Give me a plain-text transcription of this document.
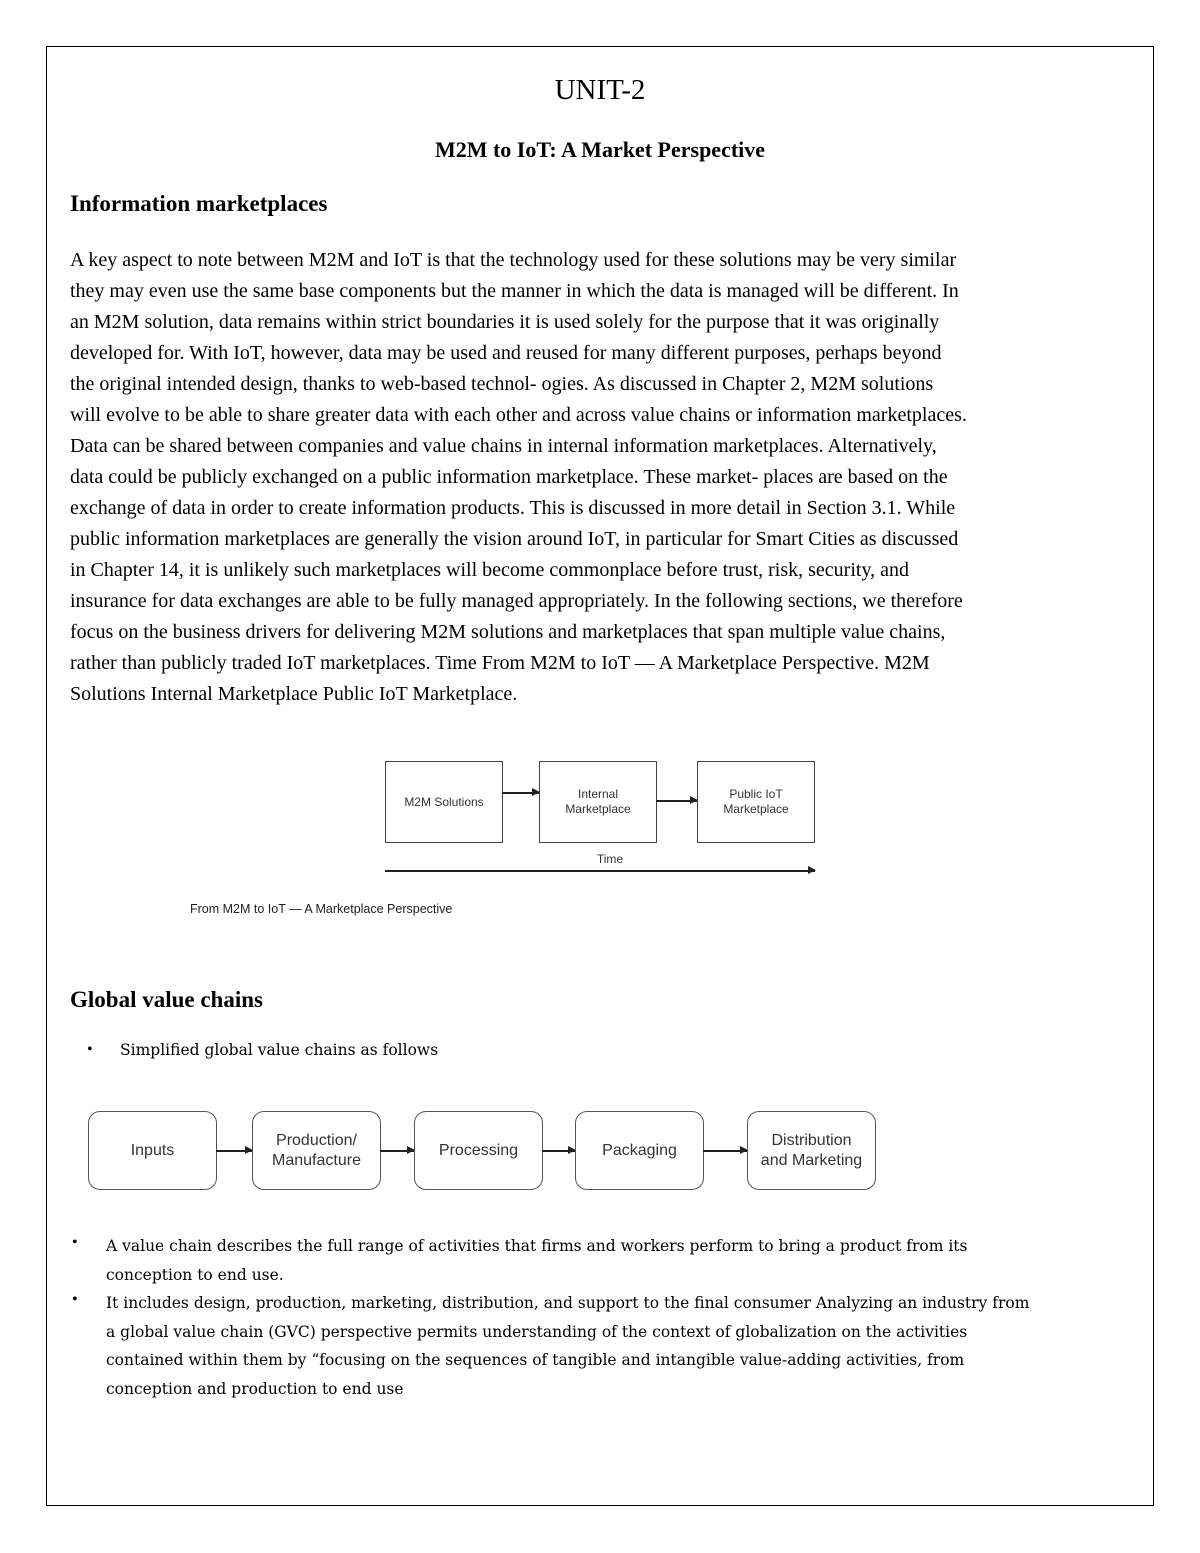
UNIT-2
M2M to IoT: A Market Perspective
Information marketplaces
A key aspect to note between M2M and IoT is that the technology used for these solutions may be very similar
they may even use the same base components but the manner in which the data is managed will be different. In
an M2M solution, data remains within strict boundaries it is used solely for the purpose that it was originally
developed for. With IoT, however, data may be used and reused for many different purposes, perhaps beyond
the original intended design, thanks to web-based technol- ogies. As discussed in Chapter 2, M2M solutions
will evolve to be able to share greater data with each other and across value chains or information marketplaces.
Data can be shared between companies and value chains in internal information marketplaces. Alternatively,
data could be publicly exchanged on a public information marketplace. These market- places are based on the
exchange of data in order to create information products. This is discussed in more detail in Section 3.1. While
public information marketplaces are generally the vision around IoT, in particular for Smart Cities as discussed
in Chapter 14, it is unlikely such marketplaces will become commonplace before trust, risk, security, and
insurance for data exchanges are able to be fully managed appropriately. In the following sections, we therefore
focus on the business drivers for delivering M2M solutions and marketplaces that span multiple value chains,
rather than publicly traded IoT marketplaces. Time From M2M to IoT — A Marketplace Perspective. M2M
Solutions Internal Marketplace Public IoT Marketplace.
M2M Solutions
Internal
Marketplace
Public IoT
Marketplace
Time
From M2M to IoT — A Marketplace Perspective
Global value chains
• Simplified global value chains as follows
Inputs
Production/
Manufacture
Processing	Packaging
Distribution
and Marketing
•
•
A value chain describes the full range of activities that firms and workers perform to bring a product from its
conception to end use.
It includes design, production, marketing, distribution, and support to the final consumer Analyzing an industry from
a global value chain (GVC) perspective permits understanding of the context of globalization on the activities
contained within them by “focusing on the sequences of tangible and intangible value-adding activities, from
conception and production to end use
